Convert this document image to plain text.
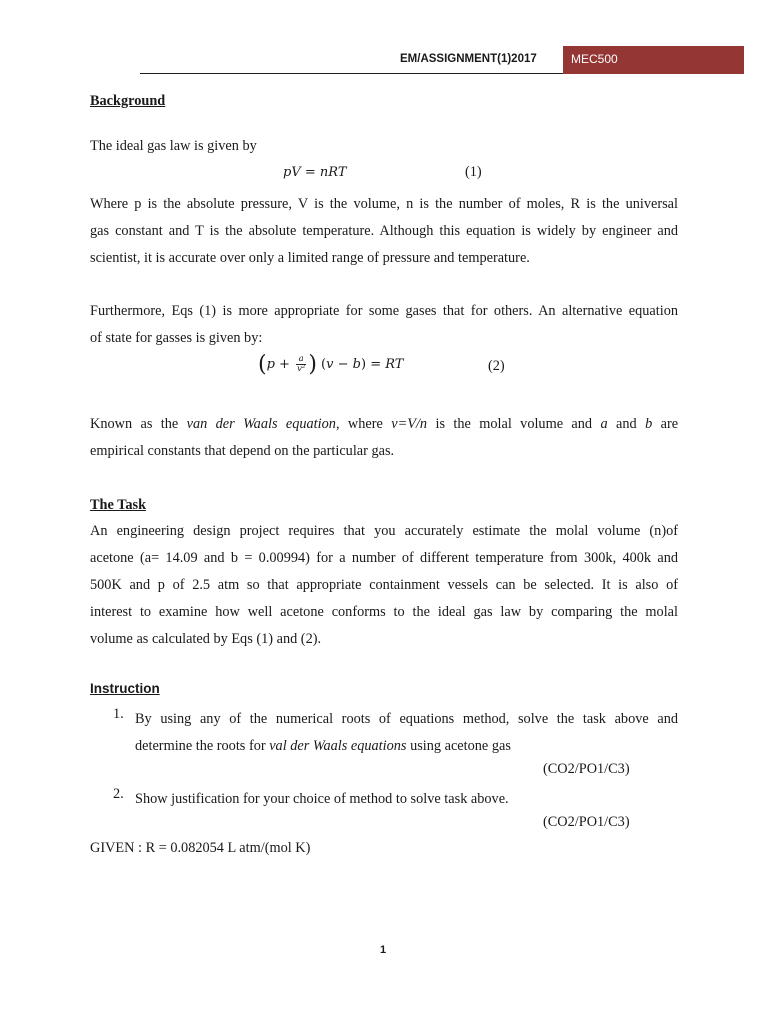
EM/ASSIGNMENT(1)2017	MEC500
Background
The ideal gas law is given by
pV = nRT	(1)
Where p is the absolute pressure, V is the volume, n is the number of moles, R is the universal
gas constant and T is the absolute temperature. Although this equation is widely by engineer and
scientist, it is accurate over only a limited range of pressure and temperature.
Furthermore, Eqs (1) is more appropriate for some gases that for others. An alternative equation
of state for gasses is given by:
($p + \frac{a}{\text{v²}}$ ) (v − b) = RT	(2)
Known as the van der Waals equation, where v=V/n is the molal volume and a and b are
empirical constants that depend on the particular gas.
The Task
An engineering design project requires that you accurately estimate the molal volume (n)of
acetone (a= 14.09 and b = 0.00994) for a number of different temperature from 300k, 400k and
500K and p of 2.5 atm so that appropriate containment vessels can be selected. It is also of
interest to examine how well acetone conforms to the ideal gas law by comparing the molal
volume as calculated by Eqs (1) and (2).
Instruction
1. By using any of the numerical roots of equations method, solve the task above and
determine the roots for val der Waals equations using acetone gas
(CO2/PO1/C3)
2. Show justification for your choice of method to solve task above.
(CO2/PO1/C3)
GIVEN : R = 0.082054 L atm/(mol K)
1
